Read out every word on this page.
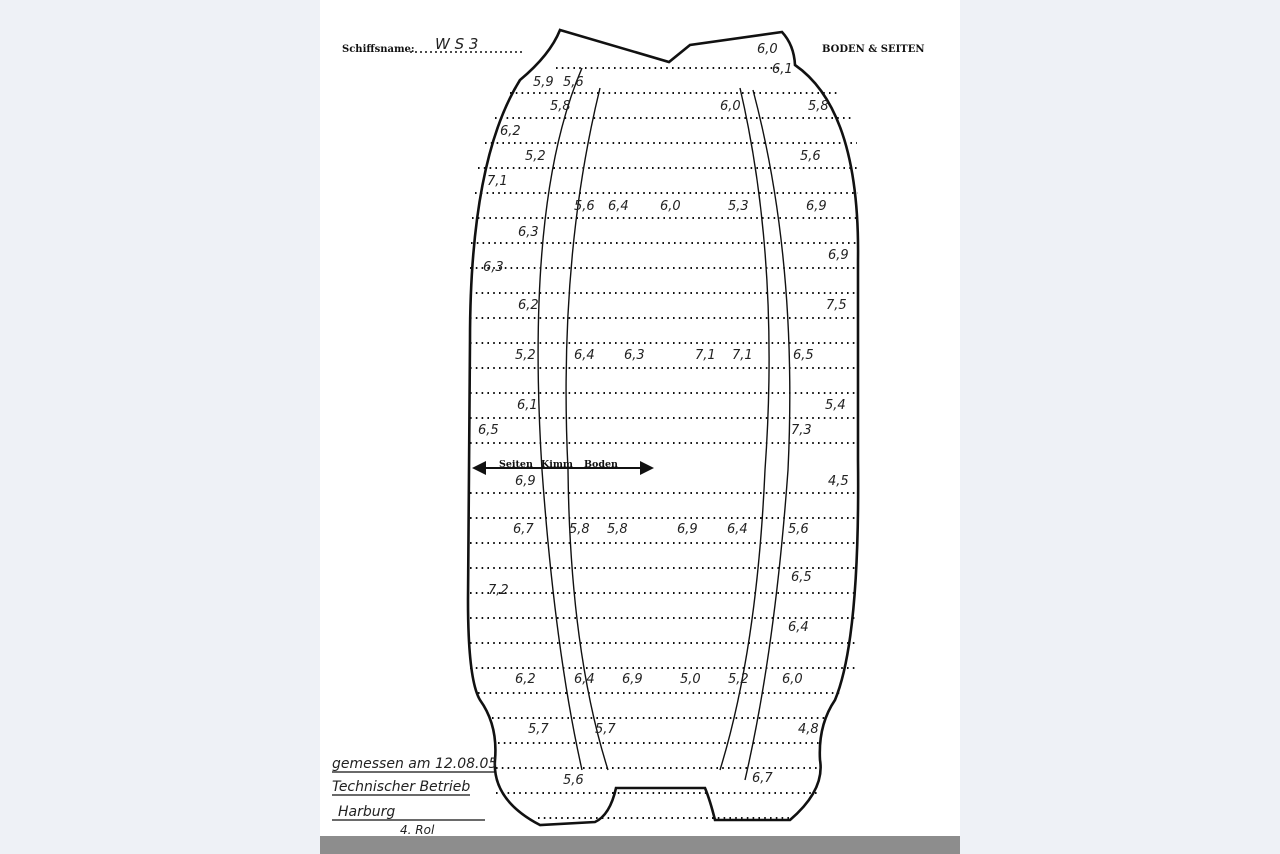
Schiffsname: W S 3	BODEN & SEITEN
Seiten Kimm Boden
6,0
6,1
5,9 5,6
5,8	6,0	5,8
6,2
5,2	5,6
7,1
5,6 6,4 6,0	5,3	6,9
6,3
6,3
6,9
6,2	7,5
5,2	6,4 6,3	7,1 7,1	6,5
6,1	5,4
6,5	7,3
6,9	4,5
6,7	5,8 5,8	6,9 6,4	5,6
6,5
7,2
6,4
6,2	6,4 6,9	5,0 5,2	6,0
5,7	5,7	4,8
5,6	6,7
gemessen am 12.08.05
Technischer Betrieb
Harburg
4. Rol
